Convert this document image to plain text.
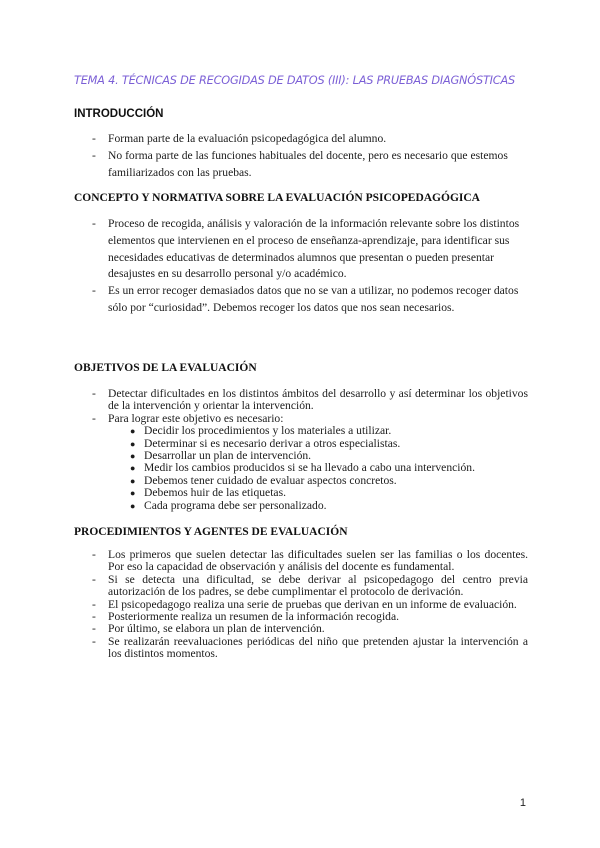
TEMA 4. TÉCNICAS DE RECOGIDAS DE DATOS (III): LAS PRUEBAS DIAGNÓSTICAS
INTRODUCCIÓN
- Forman parte de la evaluación psicopedagógica del alumno.
- No forma parte de las funciones habituales del docente, pero es necesario que estemos familiarizados con las pruebas.
CONCEPTO Y NORMATIVA SOBRE LA EVALUACIÓN PSICOPEDAGÓGICA
- Proceso de recogida, análisis y valoración de la información relevante sobre los distintos elementos que intervienen en el proceso de enseñanza-aprendizaje, para identificar sus necesidades educativas de determinados alumnos que presentan o pueden presentar desajustes en su desarrollo personal y/o académico.
- Es un error recoger demasiados datos que no se van a utilizar, no podemos recoger datos sólo por “curiosidad”. Debemos recoger los datos que nos sean necesarios.
OBJETIVOS DE LA EVALUACIÓN
- Detectar dificultades en los distintos ámbitos del desarrollo y así determinar los objetivos de la intervención y orientar la intervención.
- Para lograr este objetivo es necesario:
● Decidir los procedimientos y los materiales a utilizar.
● Determinar si es necesario derivar a otros especialistas.
● Desarrollar un plan de intervención.
● Medir los cambios producidos si se ha llevado a cabo una intervención.
● Debemos tener cuidado de evaluar aspectos concretos.
● Debemos huir de las etiquetas.
● Cada programa debe ser personalizado.
PROCEDIMIENTOS Y AGENTES DE EVALUACIÓN
- Los primeros que suelen detectar las dificultades suelen ser las familias o los docentes. Por eso la capacidad de observación y análisis del docente es fundamental.
- Si se detecta una dificultad, se debe derivar al psicopedagogo del centro previa autorización de los padres, se debe cumplimentar el protocolo de derivación.
- El psicopedagogo realiza una serie de pruebas que derivan en un informe de evaluación.
- Posteriormente realiza un resumen de la información recogida.
- Por último, se elabora un plan de intervención.
- Se realizarán reevaluaciones periódicas del niño que pretenden ajustar la intervención a los distintos momentos.
1
